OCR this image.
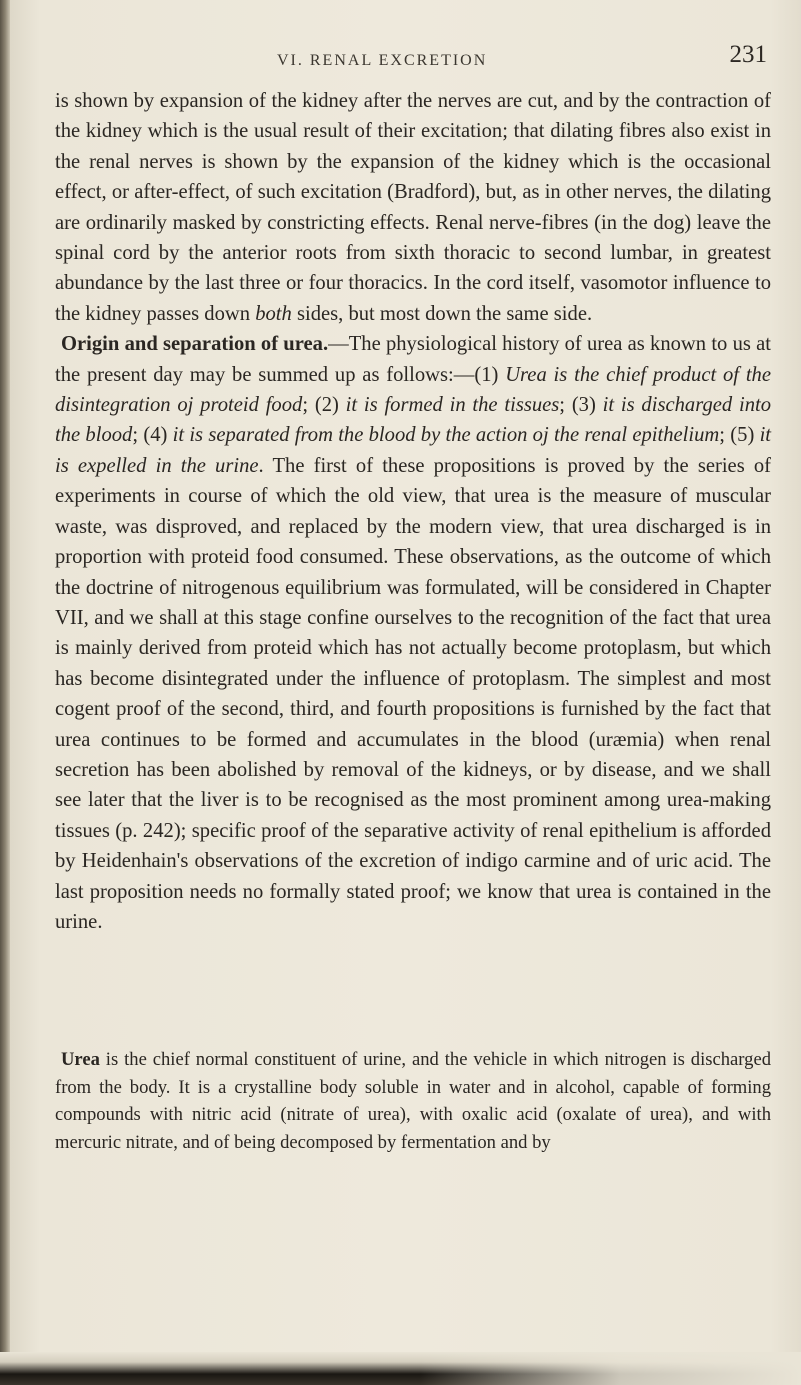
VI. RENAL EXCRETION	231

is shown by expansion of the kidney after the nerves are cut, and by the contraction of the kidney which is the usual result of their excitation; that dilating fibres also exist in the renal nerves is shown by the expansion of the kidney which is the occasional effect, or after-effect, of such excitation (Bradford), but, as in other nerves, the dilating are ordinarily masked by constricting effects. Renal nerve-fibres (in the dog) leave the spinal cord by the anterior roots from sixth thoracic to second lumbar, in greatest abundance by the last three or four thoracics. In the cord itself, vasomotor influence to the kidney passes down both sides, but most down the same side.

Origin and separation of urea.—The physiological history of urea as known to us at the present day may be summed up as follows:—(1) Urea is the chief product of the disintegration oj proteid food; (2) it is formed in the tissues; (3) it is discharged into the blood; (4) it is separated from the blood by the action oj the renal epithelium; (5) it is expelled in the urine. The first of these propositions is proved by the series of experiments in course of which the old view, that urea is the measure of muscular waste, was disproved, and replaced by the modern view, that urea discharged is in proportion with proteid food consumed. These observations, as the outcome of which the doctrine of nitrogenous equilibrium was formulated, will be considered in Chapter VII, and we shall at this stage confine ourselves to the recognition of the fact that urea is mainly derived from proteid which has not actually become protoplasm, but which has become disintegrated under the influence of protoplasm. The simplest and most cogent proof of the second, third, and fourth propositions is furnished by the fact that urea continues to be formed and accumulates in the blood (uræmia) when renal secretion has been abolished by removal of the kidneys, or by disease, and we shall see later that the liver is to be recognised as the most prominent among urea-making tissues (p. 242); specific proof of the separative activity of renal epithelium is afforded by Heidenhain's observations of the excretion of indigo carmine and of uric acid. The last proposition needs no formally stated proof; we know that urea is contained in the urine.

Urea is the chief normal constituent of urine, and the vehicle in which nitrogen is discharged from the body. It is a crystalline body soluble in water and in alcohol, capable of forming compounds with nitric acid (nitrate of urea), with oxalic acid (oxalate of urea), and with mercuric nitrate, and of being decomposed by fermentation and by
